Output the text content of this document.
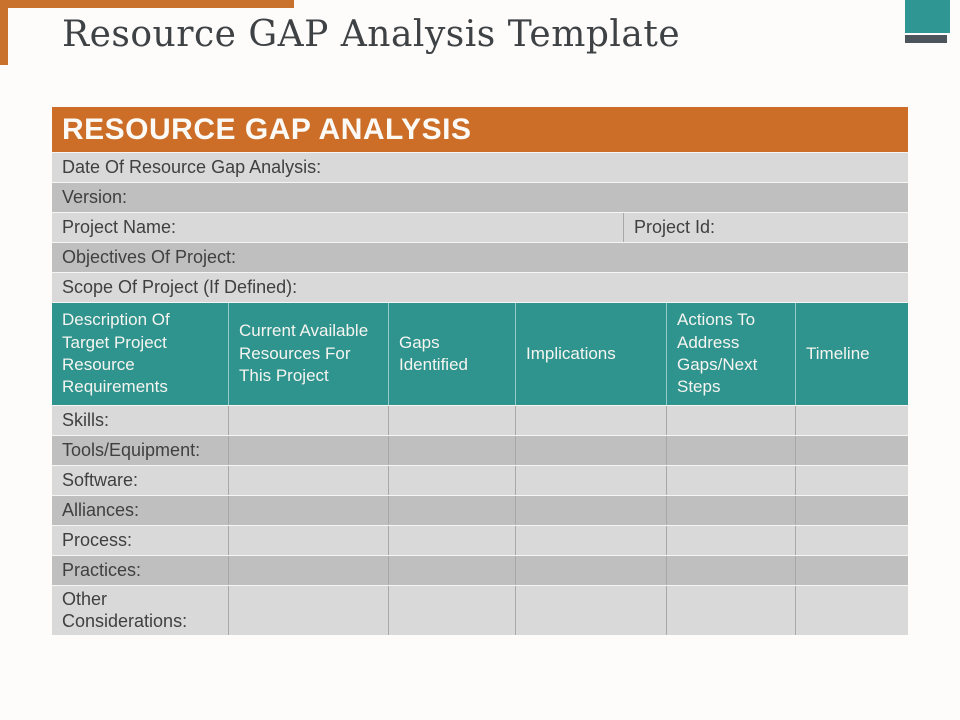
Resource GAP Analysis Template
RESOURCE GAP ANALYSIS
Date Of Resource Gap Analysis:
Version:
Project Name:	Project Id:
Objectives Of Project:
Scope Of Project (If Defined):
Description Of Target Project Resource Requirements
Current Available Resources For This Project
Gaps Identified
Implications
Actions To Address Gaps/Next Steps
Timeline
Skills:
Tools/Equipment:
Software:
Alliances:
Process:
Practices:
Other Considerations:
